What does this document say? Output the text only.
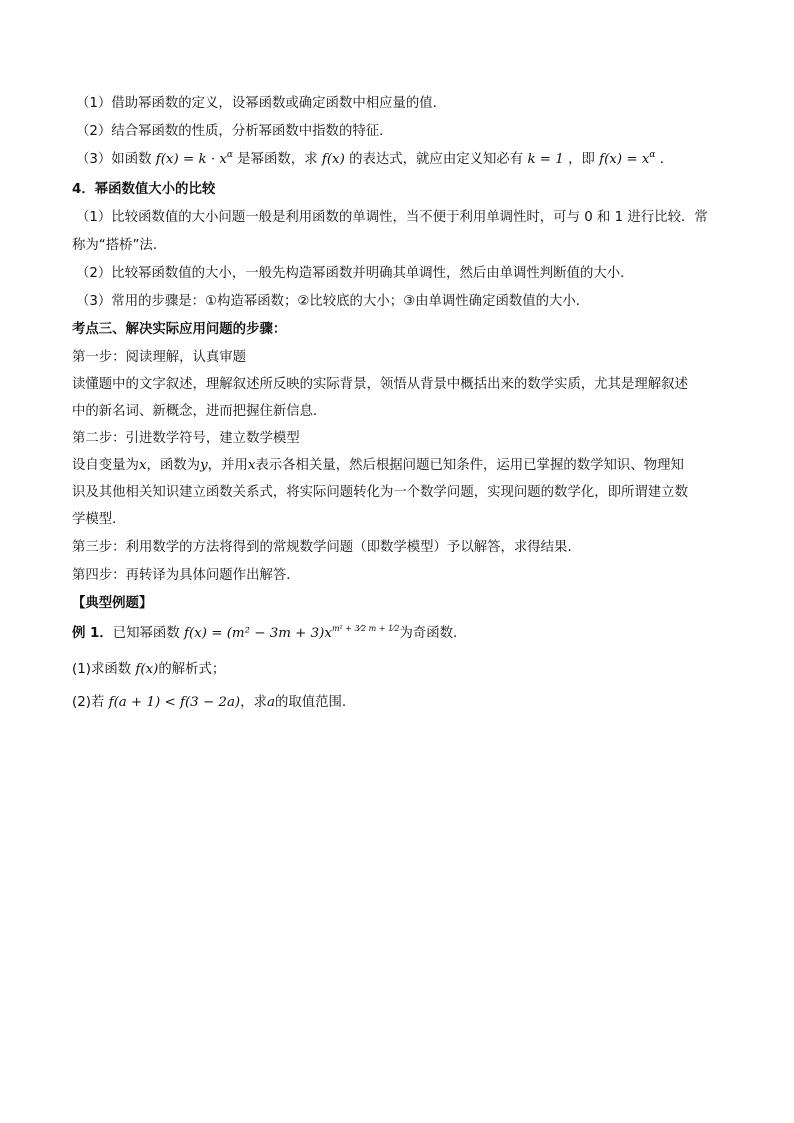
（1）借助幂函数的定义，设幂函数或确定函数中相应量的值．
（2）结合幂函数的性质，分析幂函数中指数的特征．
（3）如函数 $f(x) = k \cdot x^\alpha$ 是幂函数，求 f(x) 的表达式，就应由定义知必有 k = 1 ，即 $f(x) = x^\alpha$ ．
4．幂函数值大小的比较
（1）比较函数值的大小问题一般是利用函数的单调性，当不便于利用单调性时，可与 0 和 1 进行比较．常
称为“搭桥”法．
（2）比较幂函数值的大小，一般先构造幂函数并明确其单调性，然后由单调性判断值的大小．
（3）常用的步骤是：①构造幂函数；②比较底的大小；③由单调性确定函数值的大小．
考点三、解决实际应用问题的步骤：
第一步：阅读理解，认真审题
读懂题中的文字叙述，理解叙述所反映的实际背景，领悟从背景中概括出来的数学实质，尤其是理解叙述
中的新名词、新概念，进而把握住新信息．
第二步：引进数学符号，建立数学模型
设自变量为x，函数为y，并用x表示各相关量，然后根据问题已知条件，运用已掌握的数学知识、物理知
识及其他相关知识建立函数关系式，将实际问题转化为一个数学问题，实现问题的数学化，即所谓建立数
学模型．
第三步：利用数学的方法将得到的常规数学问题（即数学模型）予以解答，求得结果．
第四步：再转译为具体问题作出解答．
【典型例题】
例 1．已知幂函数 $f(x) = (m^2 - 3m + 3)x^{m^2 + 3⁄2 m + 1⁄2}$为奇函数.
(1)求函数 f(x)的解析式；
(2)若 f(a + 1) < f(3 − 2a)，求a的取值范围.
